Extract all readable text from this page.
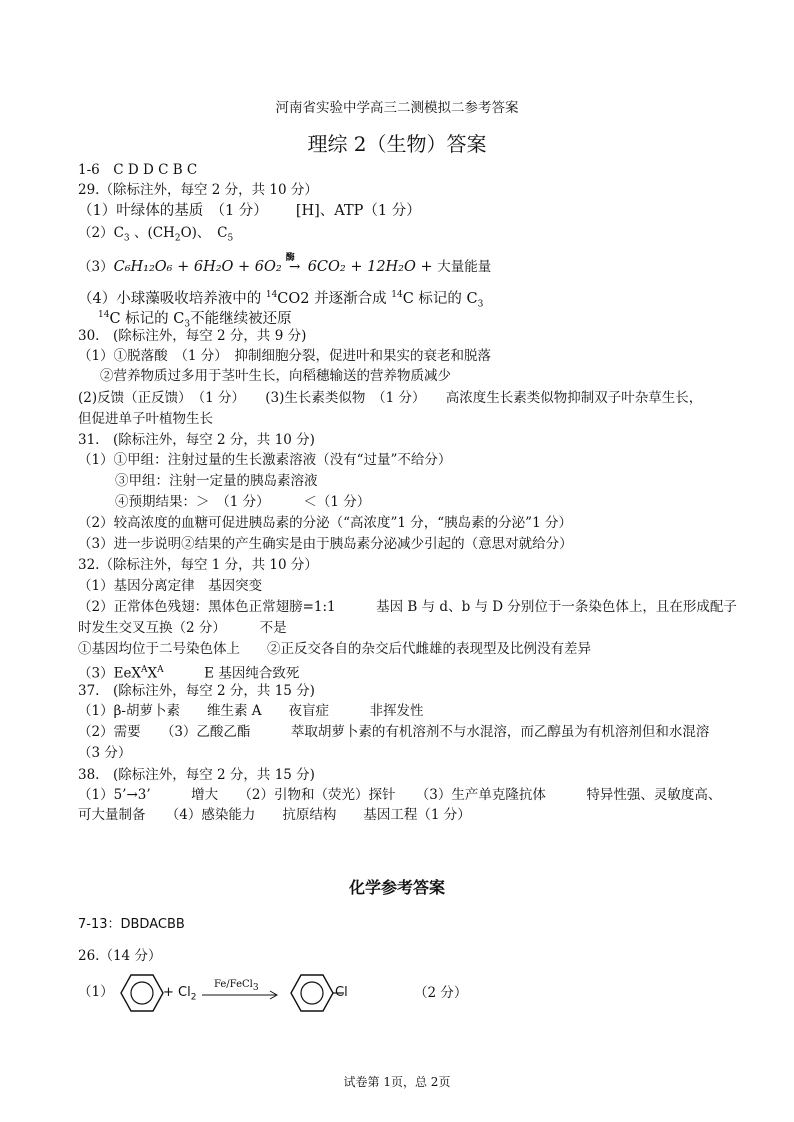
河南省实验中学高三二测模拟二参考答案
理综 2（生物）答案
1-6　C D D C B C
29.（除标注外，每空 2 分，共 10 分）
（1）叶绿体的基质　（1 分） [H]、ATP（1 分）
$(2)C_3$ 、$(CH_2O)$、　$C_5$
（3）C₆H₁₂O₆ + 6H₂O + 6O₂
酶
→ 6CO₂ + 12H₂O + 大量能量
（4）小球藻吸收培养液中的 $^{14}$CO2 并逐渐合成 $^{14}$C 标记的 $C_3$
$^{14}$C 标记的 $C_3$不能继续被还原
30.　(除标注外，每空 2 分，共 9 分)
（1）①脱落酸　（1 分）　抑制细胞分裂，促进叶和果实的衰老和脱落
②营养物质过多用于茎叶生长，向稻穗输送的营养物质减少
(2)反馈（正反馈）　（1 分）　　(3)生长素类似物　（1 分）　　高浓度生长素类似物抑制双子叶杂草生长，
但促进单子叶植物生长
31.　(除标注外，每空 2 分，共 10 分)
（1）①甲组：注射过量的生长激素溶液（没有“过量”不给分）
③甲组：注射一定量的胰岛素溶液
④预期结果：＞　（1 分）　　　＜（1 分）
（2）较高浓度的血糖可促进胰岛素的分泌（“高浓度”1 分，“胰岛素的分泌”1 分）
（3）进一步说明②结果的产生确实是由于胰岛素分泌减少引起的（意思对就给分）
32.（除标注外，每空 1 分，共 10 分）
（1）基因分离定律　基因突变
（2）正常体色残翅：黑体色正常翅膀=1:1　　　基因 B 与 d、b 与 D 分别位于一条染色体上，且在形成配子
时发生交叉互换（2 分）　　　不是
①基因均位于二号染色体上　　②正反交各自的杂交后代雌雄的表现型及比例没有差异
$(3)EeX^AX^A$　　　E 基因纯合致死
37.　(除标注外，每空 2 分，共 15 分)
（1）β-胡萝卜素　　维生素 A　　夜盲症　　　非挥发性
（2）需要　　（3）乙酸乙酯　　　萃取胡萝卜素的有机溶剂不与水混溶，而乙醇虽为有机溶剂但和水混溶
（3 分）
38.　(除标注外，每空 2 分，共 15 分)
（1）5’→3’　　　增大　　（2）引物和（荧光）探针　　（3）生产单克隆抗体　　　特异性强、灵敏度高、
可大量制备　　（4）感染能力　　抗原结构　　基因工程（1 分）
化学参考答案
7-13：DBDACBB
26.（14 分）
（1）	+ $Cl_2$
Fe/FeCl$_3$	Cl	（2 分）
试卷第 1页，总 2页
